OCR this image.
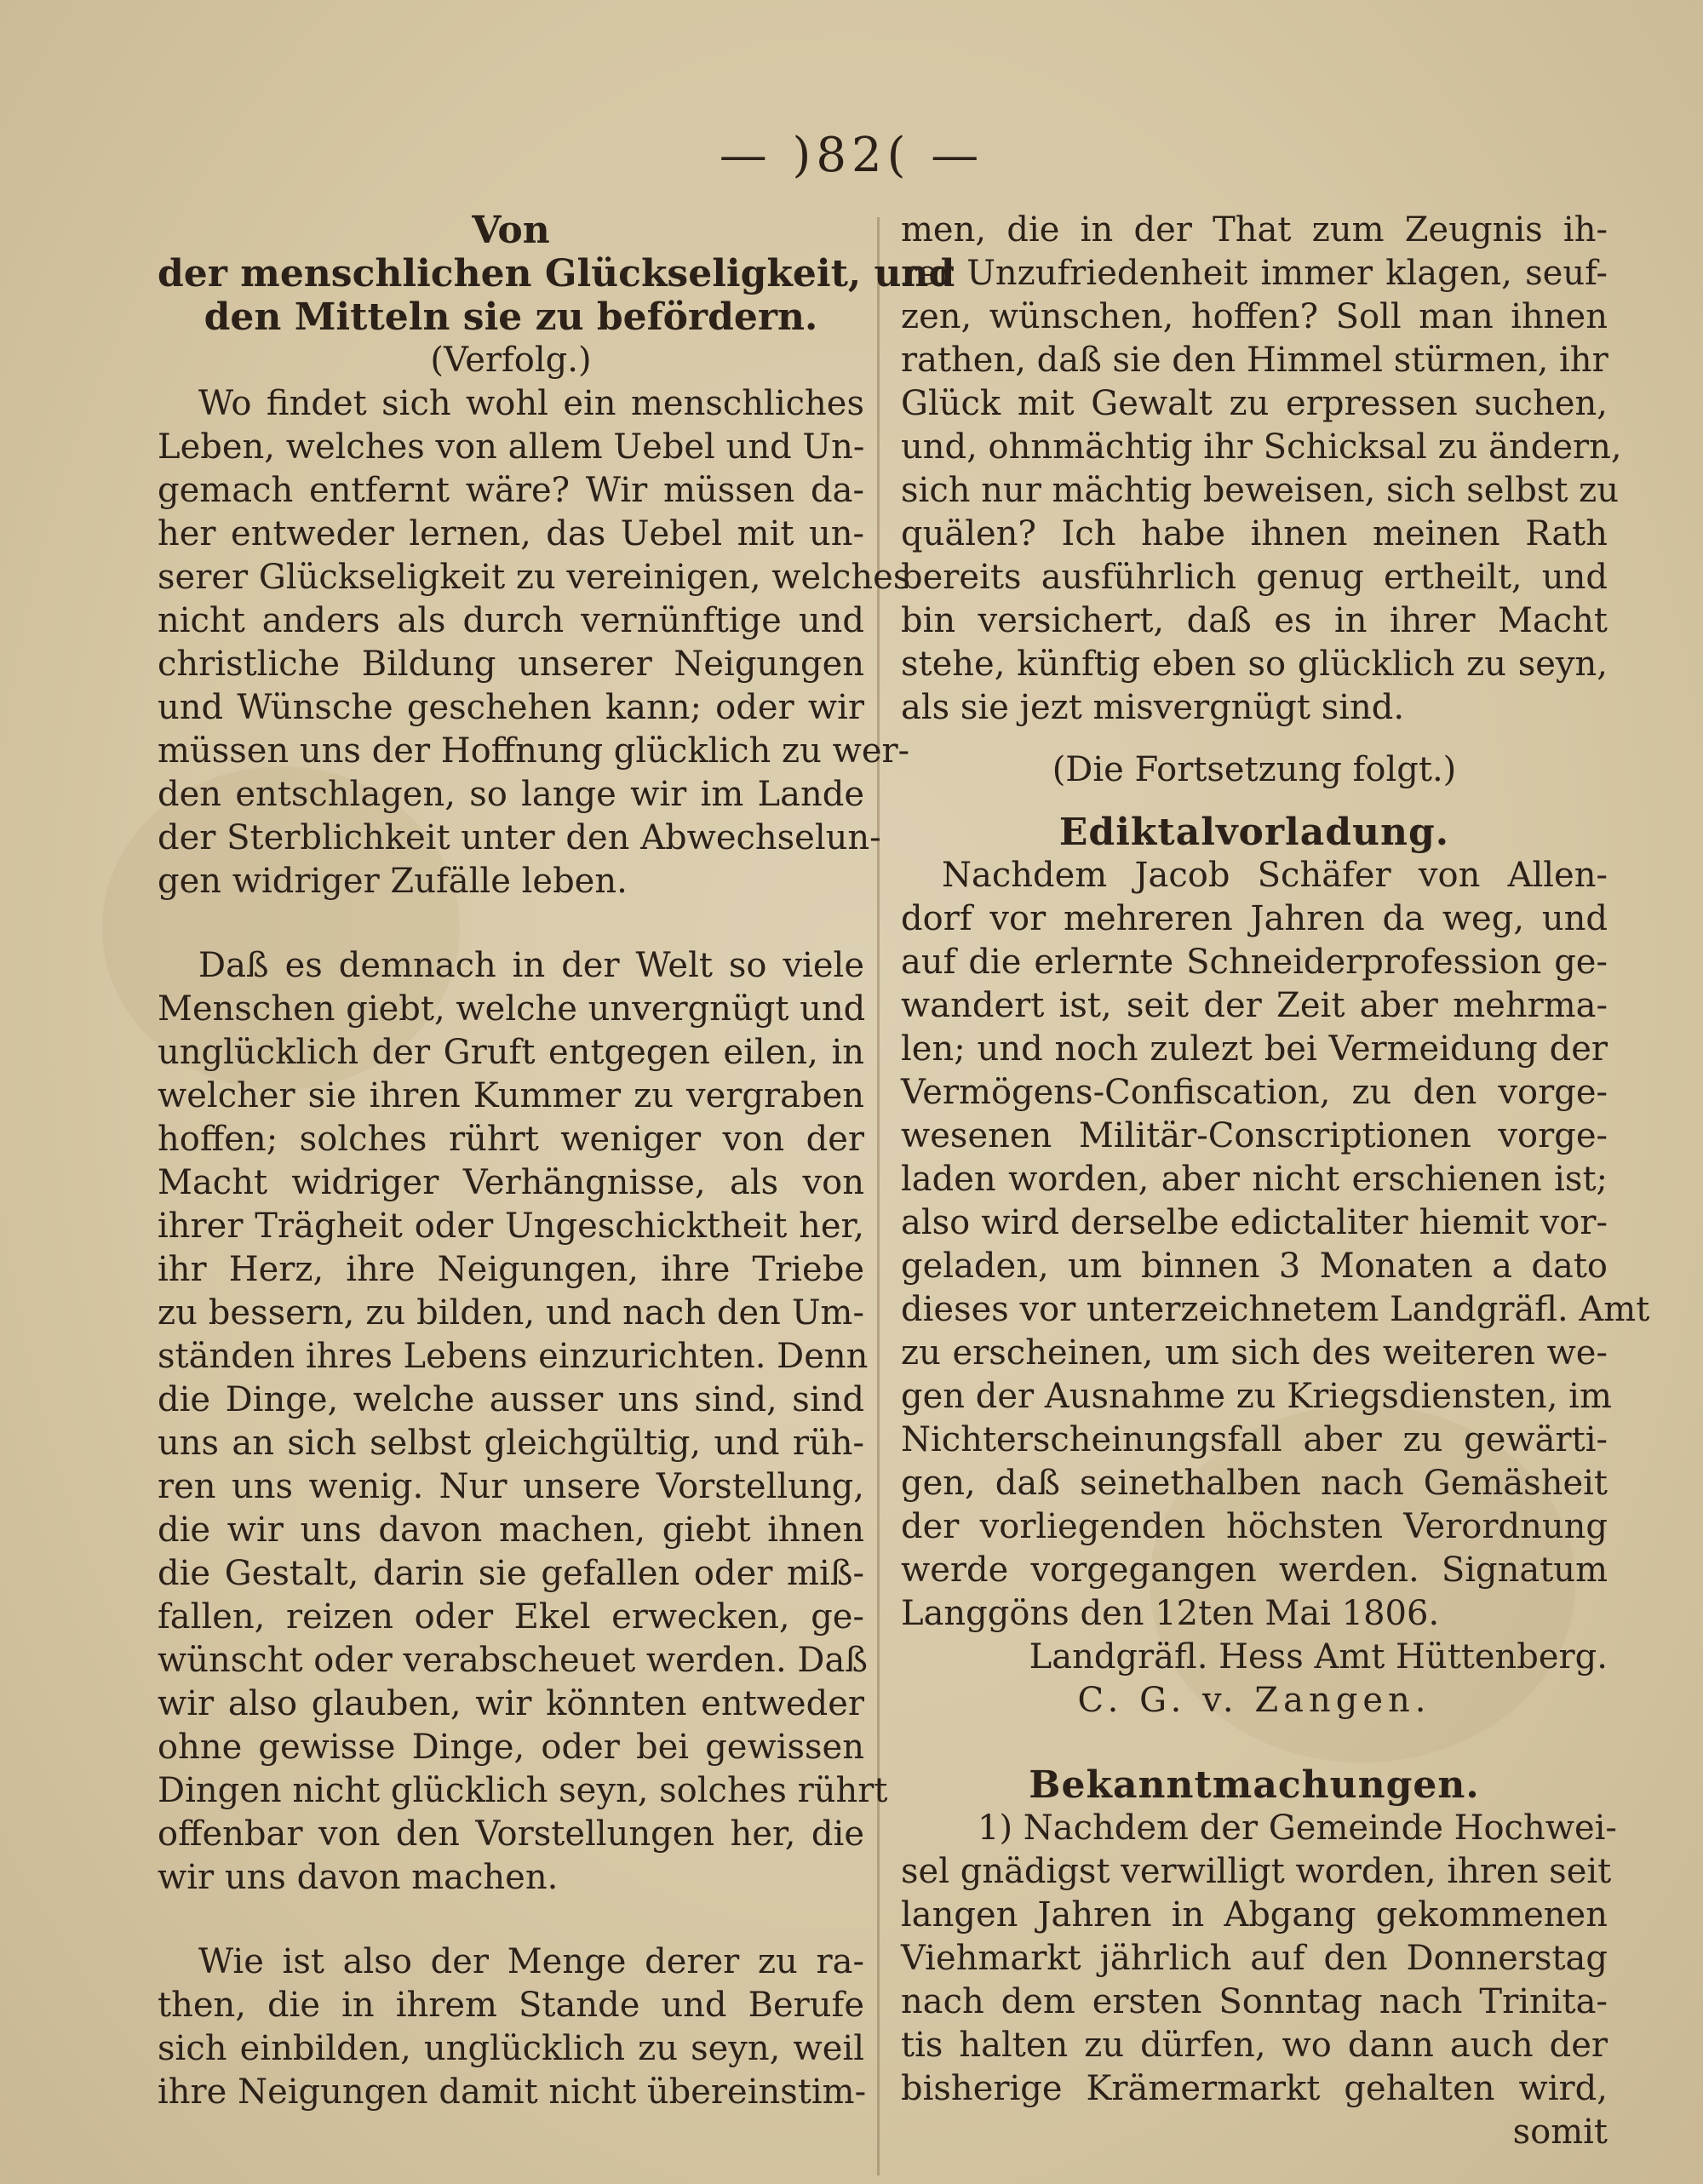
— )82( —
Von
der menschlichen Glückseligkeit, und
den Mitteln sie zu befördern.
(Verfolg.)
Wo findet sich wohl ein menschliches
Leben, welches von allem Uebel und Un-
gemach entfernt wäre? Wir müssen da-
her entweder lernen, das Uebel mit un-
serer Glückseligkeit zu vereinigen, welches
nicht anders als durch vernünftige und
christliche Bildung unserer Neigungen
und Wünsche geschehen kann; oder wir
müssen uns der Hoffnung glücklich zu wer-
den entschlagen, so lange wir im Lande
der Sterblichkeit unter den Abwechselun-
gen widriger Zufälle leben.
Daß es demnach in der Welt so viele
Menschen giebt, welche unvergnügt und
unglücklich der Gruft entgegen eilen, in
welcher sie ihren Kummer zu vergraben
hoffen; solches rührt weniger von der
Macht widriger Verhängnisse, als von
ihrer Trägheit oder Ungeschicktheit her,
ihr Herz, ihre Neigungen, ihre Triebe
zu bessern, zu bilden, und nach den Um-
ständen ihres Lebens einzurichten. Denn
die Dinge, welche ausser uns sind, sind
uns an sich selbst gleichgültig, und rüh-
ren uns wenig. Nur unsere Vorstellung,
die wir uns davon machen, giebt ihnen
die Gestalt, darin sie gefallen oder miß-
fallen, reizen oder Ekel erwecken, ge-
wünscht oder verabscheuet werden. Daß
wir also glauben, wir könnten entweder
ohne gewisse Dinge, oder bei gewissen
Dingen nicht glücklich seyn, solches rührt
offenbar von den Vorstellungen her, die
wir uns davon machen.
Wie ist also der Menge derer zu ra-
then, die in ihrem Stande und Berufe
sich einbilden, unglücklich zu seyn, weil
ihre Neigungen damit nicht übereinstim-
men, die in der That zum Zeugnis ih-
rer Unzufriedenheit immer klagen, seuf-
zen, wünschen, hoffen? Soll man ihnen
rathen, daß sie den Himmel stürmen, ihr
Glück mit Gewalt zu erpressen suchen,
und, ohnmächtig ihr Schicksal zu ändern,
sich nur mächtig beweisen, sich selbst zu
quälen? Ich habe ihnen meinen Rath
bereits ausführlich genug ertheilt, und
bin versichert, daß es in ihrer Macht
stehe, künftig eben so glücklich zu seyn,
als sie jezt misvergnügt sind.
(Die Fortsetzung folgt.)
Ediktalvorladung.
Nachdem Jacob Schäfer von Allen-
dorf vor mehreren Jahren da weg, und
auf die erlernte Schneiderprofession ge-
wandert ist, seit der Zeit aber mehrma-
len; und noch zulezt bei Vermeidung der
Vermögens-Confiscation, zu den vorge-
wesenen Militär-Conscriptionen vorge-
laden worden, aber nicht erschienen ist;
also wird derselbe edictaliter hiemit vor-
geladen, um binnen 3 Monaten a dato
dieses vor unterzeichnetem Landgräfl. Amt
zu erscheinen, um sich des weiteren we-
gen der Ausnahme zu Kriegsdiensten, im
Nichterscheinungsfall aber zu gewärti-
gen, daß seinethalben nach Gemäsheit
der vorliegenden höchsten Verordnung
werde vorgegangen werden. Signatum
Langgöns den 12ten Mai 1806.
Landgräfl. Hess Amt Hüttenberg.
C. G. v. Zangen.
Bekanntmachungen.
1) Nachdem der Gemeinde Hochwei-
sel gnädigst verwilligt worden, ihren seit
langen Jahren in Abgang gekommenen
Viehmarkt jährlich auf den Donnerstag
nach dem ersten Sonntag nach Trinita-
tis halten zu dürfen, wo dann auch der
bisherige Krämermarkt gehalten wird,
somit
